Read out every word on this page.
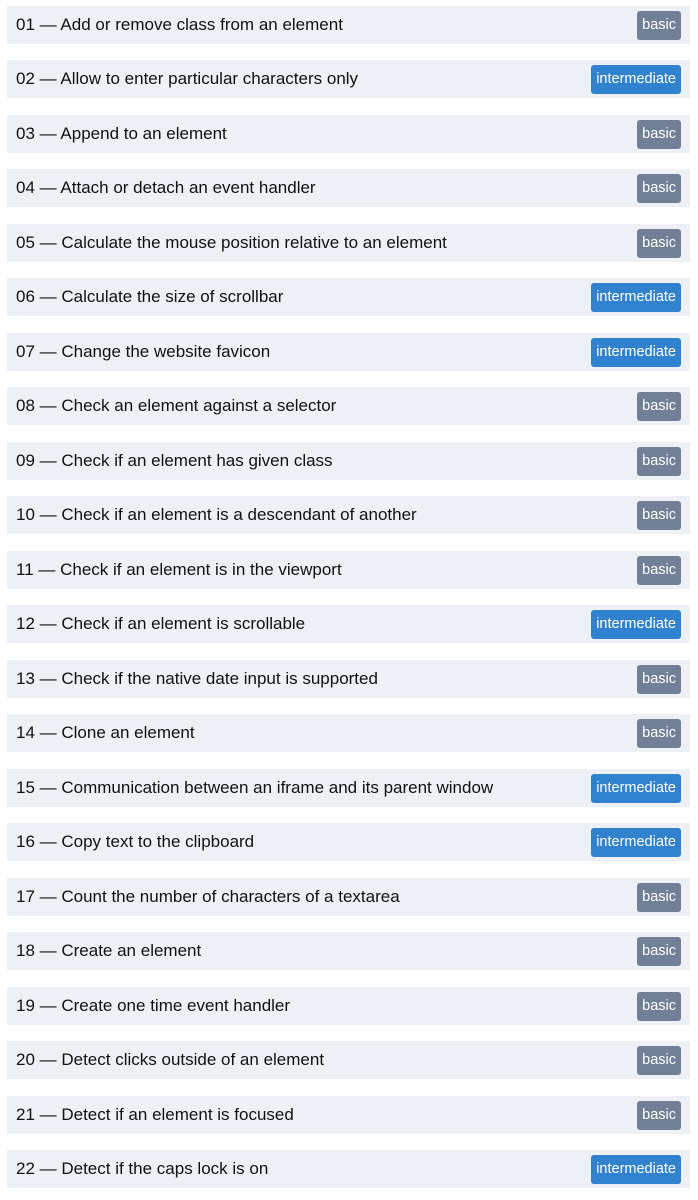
01 — Add or remove class from an element	basic
02 — Allow to enter particular characters only	intermediate
03 — Append to an element	basic
04 — Attach or detach an event handler	basic
05 — Calculate the mouse position relative to an element	basic
06 — Calculate the size of scrollbar	intermediate
07 — Change the website favicon	intermediate
08 — Check an element against a selector	basic
09 — Check if an element has given class	basic
10 — Check if an element is a descendant of another	basic
11 — Check if an element is in the viewport	basic
12 — Check if an element is scrollable	intermediate
13 — Check if the native date input is supported	basic
14 — Clone an element	basic
15 — Communication between an iframe and its parent window	intermediate
16 — Copy text to the clipboard	intermediate
17 — Count the number of characters of a textarea	basic
18 — Create an element	basic
19 — Create one time event handler	basic
20 — Detect clicks outside of an element	basic
21 — Detect if an element is focused	basic
22 — Detect if the caps lock is on	intermediate
